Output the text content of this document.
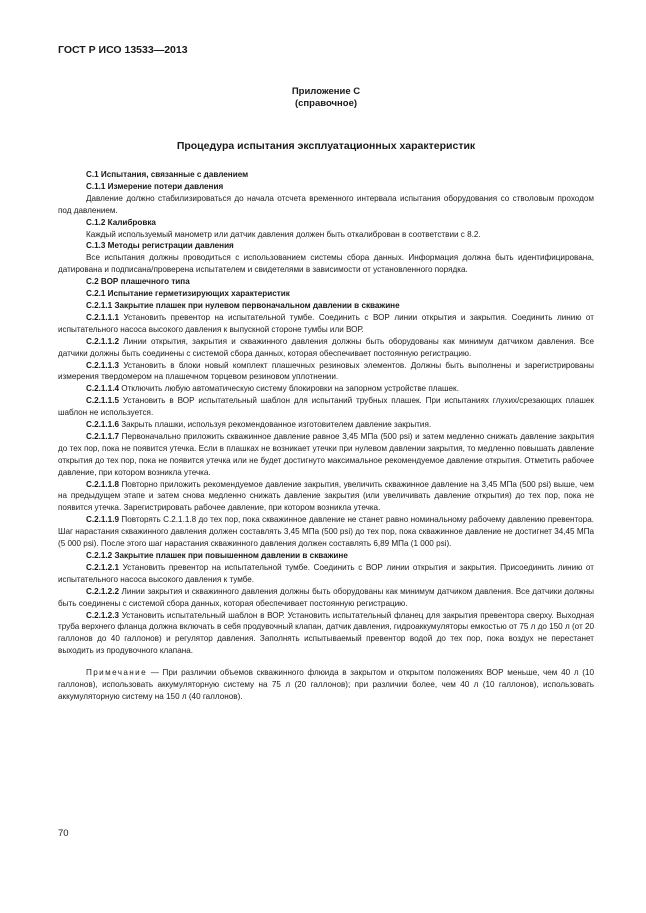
ГОСТ Р ИСО 13533—2013
Приложение С
(справочное)
Процедура испытания эксплуатационных характеристик

С.1 Испытания, связанные с давлением

С.1.1 Измерение потери давления

Давление должно стабилизироваться до начала отсчета временного интервала испытания оборудования со стволовым проходом под давлением.

С.1.2 Калибровка

Каждый используемый манометр или датчик давления должен быть откалиброван в соответствии с 8.2.

С.1.3 Методы регистрации давления

Все испытания должны проводиться с использованием системы сбора данных. Информация должна быть идентифицирована, датирована и подписана/проверена испытателем и свидетелями в зависимости от установленного порядка.

С.2 ВОР плашечного типа

С.2.1 Испытание герметизирующих характеристик

С.2.1.1 Закрытие плашек при нулевом первоначальном давлении в скважине

С.2.1.1.1 Установить превентор на испытательной тумбе. Соединить с ВОР линии открытия и закрытия. Соединить линию от испытательного насоса высокого давления к выпускной стороне тумбы или ВОР.

С.2.1.1.2 Линии открытия, закрытия и скважинного давления должны быть оборудованы как минимум датчиком давления. Все датчики должны быть соединены с системой сбора данных, которая обеспечивает постоянную регистрацию.

С.2.1.1.3 Установить в блоки новый комплект плашечных резиновых элементов. Должны быть выполнены и зарегистрированы измерения твердомером на плашечном торцевом резиновом уплотнении.

С.2.1.1.4 Отключить любую автоматическую систему блокировки на запорном устройстве плашек.

С.2.1.1.5 Установить в ВОР испытательный шаблон для испытаний трубных плашек. При испытаниях глухих/срезающих плашек шаблон не используется.

С.2.1.1.6 Закрыть плашки, используя рекомендованное изготовителем давление закрытия.

С.2.1.1.7 Первоначально приложить скважинное давление равное 3,45 МПа (500 psi) и затем медленно снижать давление закрытия до тех пор, пока не появится утечка. Если в плашках не возникает утечки при нулевом давлении закрытия, то медленно повышать давление открытия до тех пор, пока не появится утечка или не будет достигнуто максимальное рекомендуемое давление открытия. Отметить рабочее давление, при котором возникла утечка.

С.2.1.1.8 Повторно приложить рекомендуемое давление закрытия, увеличить скважинное давление на 3,45 МПа (500 psi) выше, чем на предыдущем этапе и затем снова медленно снижать давление закрытия (или увеличивать давление открытия) до тех пор, пока не появится утечка. Зарегистрировать рабочее давление, при котором возникла утечка.

С.2.1.1.9 Повторять С.2.1.1.8 до тех пор, пока скважинное давление не станет равно номинальному рабочему давлению превентора. Шаг нарастания скважинного давления должен составлять 3,45 МПа (500 psi) до тех пор, пока скважинное давление не достигнет 34,45 МПа (5 000 psi). После этого шаг нарастания скважинного давления должен составлять 6,89 МПа (1 000 psi).

С.2.1.2 Закрытие плашек при повышенном давлении в скважине

С.2.1.2.1 Установить превентор на испытательной тумбе. Соединить с ВОР линии открытия и закрытия. Присоединить линию от испытательного насоса высокого давления к тумбе.

С.2.1.2.2 Линии закрытия и скважинного давления должны быть оборудованы как минимум датчиком давления. Все датчики должны быть соединены с системой сбора данных, которая обеспечивает постоянную регистрацию.

С.2.1.2.3 Установить испытательный шаблон в ВОР. Установить испытательный фланец для закрытия превентора сверху. Выходная труба верхнего фланца должна включать в себя продувочный клапан, датчик давления, гидроаккумуляторы емкостью от 75 л до 150 л (от 20 галлонов до 40 галлонов) и регулятор давления. Заполнять испытываемый превентор водой до тех пор, пока воздух не перестанет выходить из продувочного клапана.

Примечание — При различии объемов скважинного флюида в закрытом и открытом положениях ВОР меньше, чем 40 л (10 галлонов), использовать аккумуляторную систему на 75 л (20 галлонов); при различии более, чем 40 л (10 галлонов), использовать аккумуляторную систему на 150 л (40 галлонов).

70
